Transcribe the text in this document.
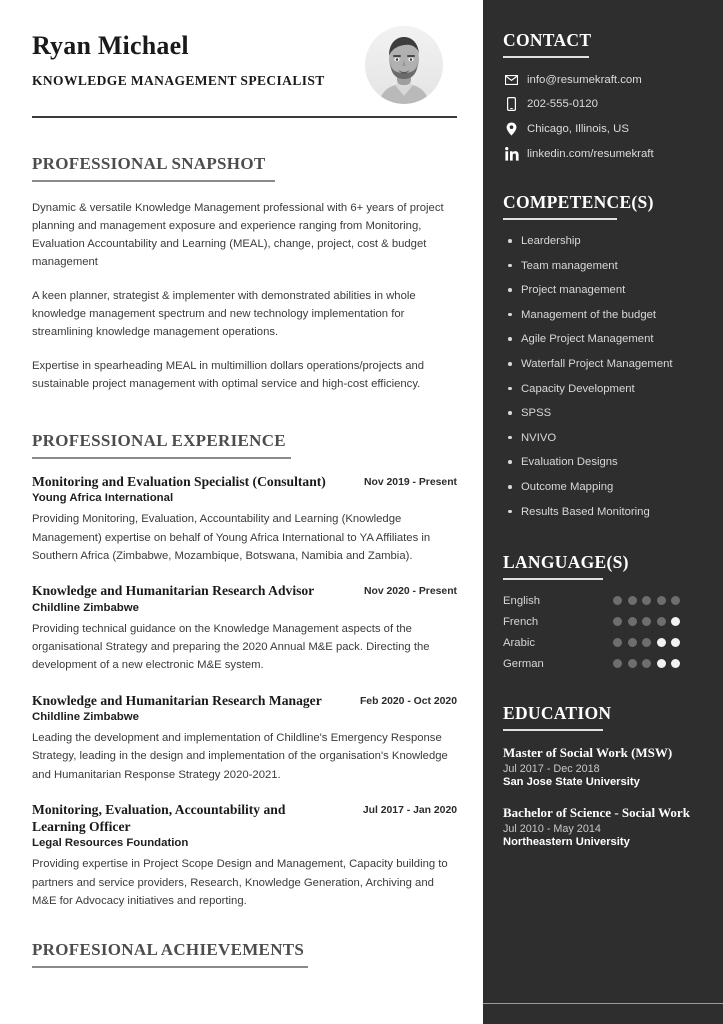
Ryan Michael
KNOWLEDGE MANAGEMENT SPECIALIST
PROFESSIONAL SNAPSHOT
Dynamic & versatile Knowledge Management professional with 6+ years of project planning and management exposure and experience ranging from Monitoring, Evaluation Accountability and Learning (MEAL), change, project, cost & budget management
A keen planner, strategist & implementer with demonstrated abilities in whole knowledge management spectrum and new technology implementation for streamlining knowledge management operations.
Expertise in spearheading MEAL in multimillion dollars operations/projects and sustainable project management with optimal service and high-cost efficiency.
PROFESSIONAL EXPERIENCE
Monitoring and Evaluation Specialist (Consultant)	Nov 2019 - Present
Young Africa International
Providing Monitoring, Evaluation, Accountability and Learning (Knowledge Management) expertise on behalf of Young Africa International to YA Affiliates in Southern Africa (Zimbabwe, Mozambique, Botswana, Namibia and Zambia).
Knowledge and Humanitarian Research Advisor	Nov 2020 - Present
Childline Zimbabwe
Providing technical guidance on the Knowledge Management aspects of the organisational Strategy and preparing the 2020 Annual M&E pack. Directing the development of a new electronic M&E system.
Knowledge and Humanitarian Research Manager	Feb 2020 - Oct 2020
Childline Zimbabwe
Leading the development and implementation of Childline's Emergency Response Strategy, leading in the design and implementation of the organisation's Knowledge and Humanitarian Response Strategy 2020-2021.
Monitoring, Evaluation, Accountability and Learning Officer
Jul 2017 - Jan 2020
Legal Resources Foundation
Providing expertise in Project Scope Design and Management, Capacity building to partners and service providers, Research, Knowledge Generation, Archiving and M&E for Advocacy initiatives and reporting.
PROFESIONAL ACHIEVEMENTS
CONTACT
info@resumekraft.com
202-555-0120
Chicago, Illinois, US
linkedin.com/resumekraft
COMPETENCE(S)
Leardership
Team management
Project management
Management of the budget
Agile Project Management
Waterfall Project Management
Capacity Development
SPSS
NVIVO
Evaluation Designs
Outcome Mapping
Results Based Monitoring
LANGUAGE(S)
English
French
Arabic
German
EDUCATION
Master of Social Work (MSW)
Jul 2017 - Dec 2018
San Jose State University
Bachelor of Science - Social Work
Jul 2010 - May 2014
Northeastern University
